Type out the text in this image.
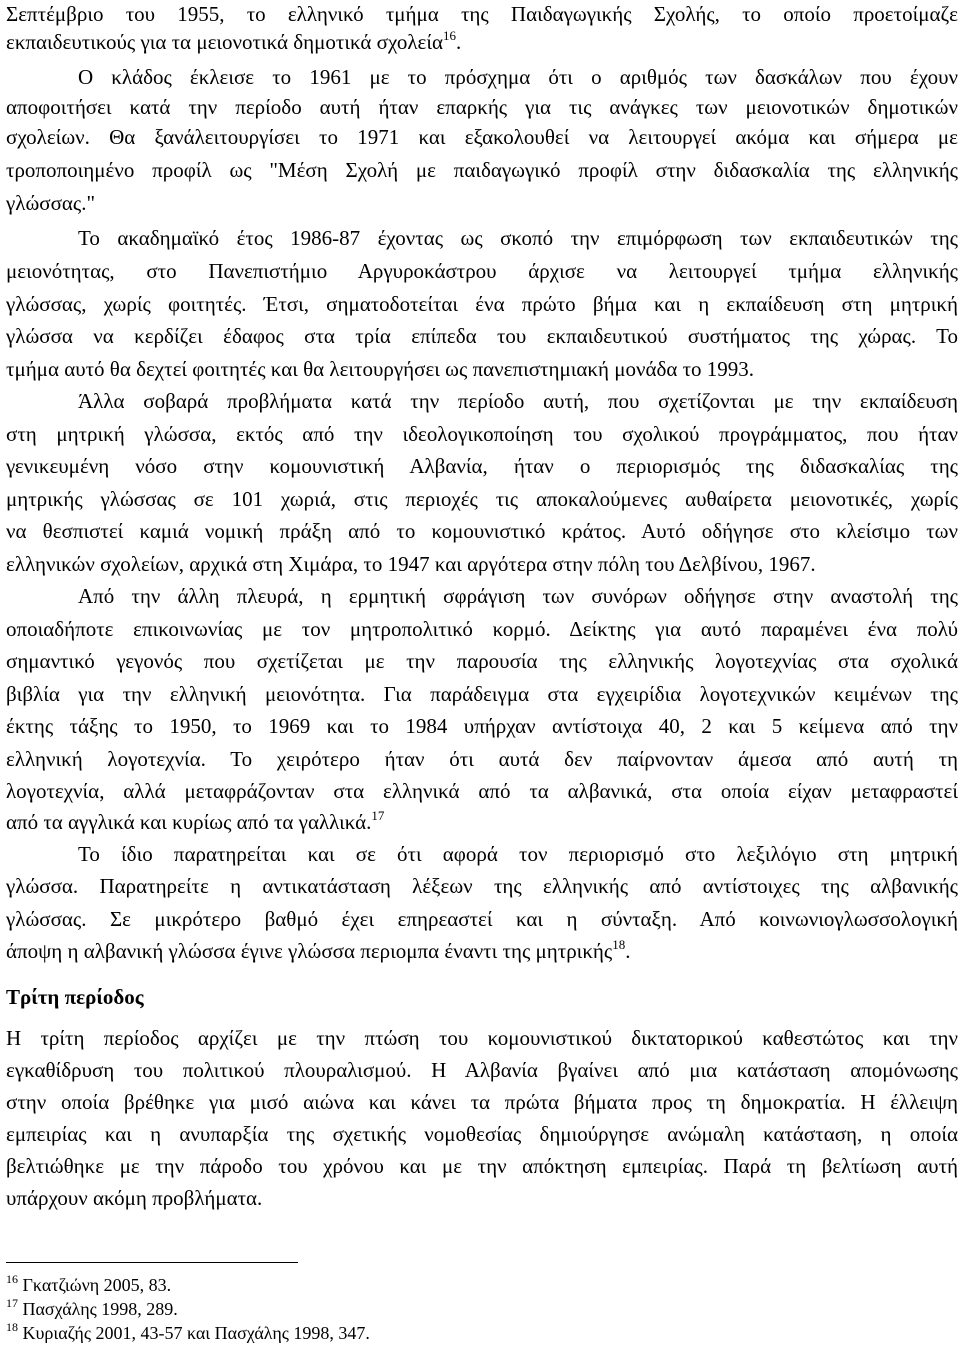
Σεπτέμβριο του 1955, το ελληνικό τμήμα της Παιδαγωγικής Σχολής, το οποίο προετοίμαζε
εκπαιδευτικούς για τα μειονοτικά δημοτικά σχολεία$^{16}$.
Ο κλάδος έκλεισε το 1961 με το πρόσχημα ότι ο αριθμός των δασκάλων που έχουν
αποφοιτήσει κατά την περίοδο αυτή ήταν επαρκής για τις ανάγκες των μειονοτικών δημοτικών
σχολείων. Θα ξανάλειτουργίσει το 1971 και εξακολουθεί να λειτουργεί ακόμα και σήμερα με
τροποποιημένο προφίλ ως "Μέση Σχολή με παιδαγωγικό προφίλ στην διδασκαλία της ελληνικής
γλώσσας."
Το ακαδημαϊκό έτος 1986-87 έχοντας ως σκοπό την επιμόρφωση των εκπαιδευτικών της
μειονότητας, στο Πανεπιστήμιο Αργυροκάστρου άρχισε να λειτουργεί τμήμα ελληνικής
γλώσσας, χωρίς φοιτητές. Έτσι, σηματοδοτείται ένα πρώτο βήμα και η εκπαίδευση στη μητρική
γλώσσα να κερδίζει έδαφος στα τρία επίπεδα του εκπαιδευτικού συστήματος της χώρας. Το
τμήμα αυτό θα δεχτεί φοιτητές και θα λειτουργήσει ως πανεπιστημιακή μονάδα το 1993.
Άλλα σοβαρά προβλήματα κατά την περίοδο αυτή, που σχετίζονται με την εκπαίδευση
στη μητρική γλώσσα, εκτός από την ιδεολογικοποίηση του σχολικού προγράμματος, που ήταν
γενικευμένη νόσο στην κομουνιστική Αλβανία, ήταν ο περιορισμός της διδασκαλίας της
μητρικής γλώσσας σε 101 χωριά, στις περιοχές τις αποκαλούμενες αυθαίρετα μειονοτικές, χωρίς
να θεσπιστεί καμιά νομική πράξη από το κομουνιστικό κράτος. Αυτό οδήγησε στο κλείσιμο των
ελληνικών σχολείων, αρχικά στη Χιμάρα, το 1947 και αργότερα στην πόλη του Δελβίνου, 1967.
Από την άλλη πλευρά, η ερμητική σφράγιση των συνόρων οδήγησε στην αναστολή της
οποιαδήποτε επικοινωνίας με τον μητροπολιτικό κορμό. Δείκτης για αυτό παραμένει ένα πολύ
σημαντικό γεγονός που σχετίζεται με την παρουσία της ελληνικής λογοτεχνίας στα σχολικά
βιβλία για την ελληνική μειονότητα. Για παράδειγμα στα εγχειρίδια λογοτεχνικών κειμένων της
έκτης τάξης το 1950, το 1969 και το 1984 υπήρχαν αντίστοιχα 40, 2 και 5 κείμενα από την
ελληνική λογοτεχνία. Το χειρότερο ήταν ότι αυτά δεν παίρνονταν άμεσα από αυτή τη
λογοτεχνία, αλλά μεταφράζονταν στα ελληνικά από τα αλβανικά, στα οποία είχαν μεταφραστεί
από τα αγγλικά και κυρίως από τα γαλλικά.$^{17}$
Το ίδιο παρατηρείται και σε ότι αφορά τον περιορισμό στο λεξιλόγιο στη μητρική
γλώσσα. Παρατηρείτε η αντικατάσταση λέξεων της ελληνικής από αντίστοιχες της αλβανικής
γλώσσας. Σε μικρότερο βαθμό έχει επηρεαστεί και η σύνταξη. Από κοινωνιογλωσσολογική
άποψη η αλβανική γλώσσα έγινε γλώσσα περιομπα έναντι της μητρικής$^{18}$.
Τρίτη περίοδος
Η τρίτη περίοδος αρχίζει με την πτώση του κομουνιστικού δικτατορικού καθεστώτος και την
εγκαθίδρυση του πολιτικού πλουραλισμού. Η Αλβανία βγαίνει από μια κατάσταση απομόνωσης
στην οποία βρέθηκε για μισό αιώνα και κάνει τα πρώτα βήματα προς τη δημοκρατία. Η έλλειψη
εμπειρίας και η ανυπαρξία της σχετικής νομοθεσίας δημιούργησε ανώμαλη κατάσταση, η οποία
βελτιώθηκε με την πάροδο του χρόνου και με την απόκτηση εμπειρίας. Παρά τη βελτίωση αυτή
υπάρχουν ακόμη προβλήματα.
$^{16}$ Γκατζιώνη 2005, 83.
$^{17}$ Πασχάλης 1998, 289.
$^{18}$ Κυριαζής 2001, 43-57 και Πασχάλης 1998, 347.
